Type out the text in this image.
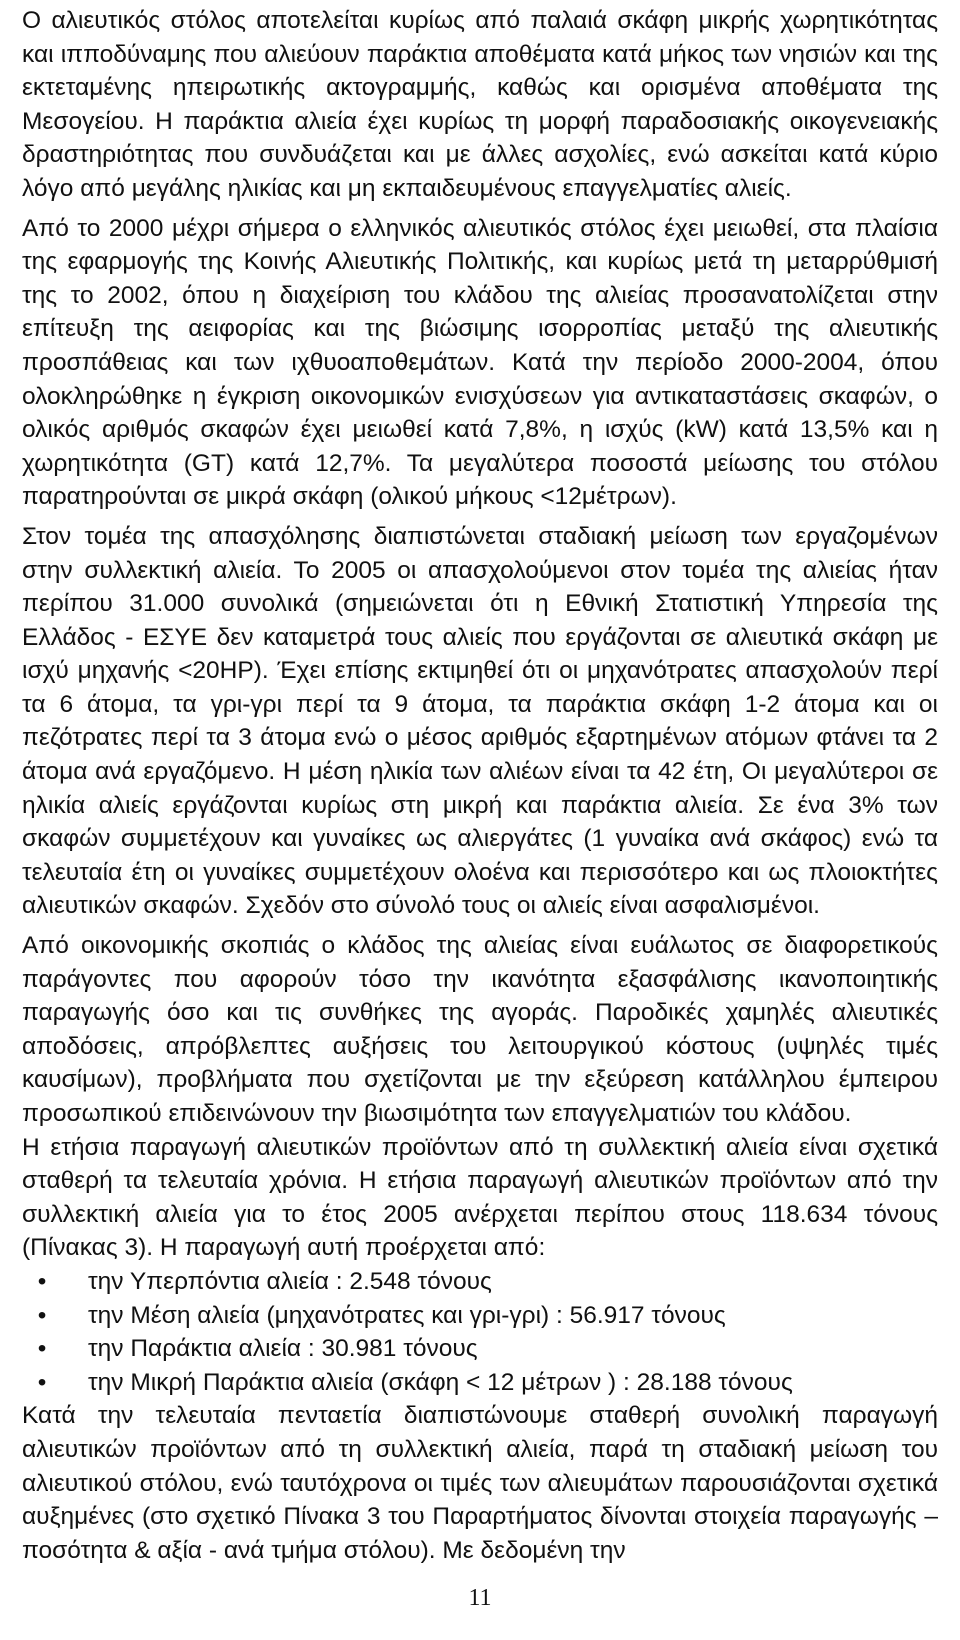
Ο αλιευτικός στόλος αποτελείται κυρίως από παλαιά σκάφη μικρής χωρητικότητας και ιπποδύναμης που αλιεύουν παράκτια αποθέματα κατά μήκος των νησιών και της εκτεταμένης ηπειρωτικής ακτογραμμής, καθώς και ορισμένα αποθέματα της Μεσογείου. Η παράκτια αλιεία έχει κυρίως τη μορφή παραδοσιακής οικογενειακής δραστηριότητας που συνδυάζεται και με άλλες ασχολίες, ενώ ασκείται κατά κύριο λόγο από μεγάλης ηλικίας και μη εκπαιδευμένους επαγγελματίες αλιείς.

Από το 2000 μέχρι σήμερα ο ελληνικός αλιευτικός στόλος έχει μειωθεί, στα πλαίσια της εφαρμογής της Κοινής Αλιευτικής Πολιτικής, και κυρίως μετά τη μεταρρύθμισή της το 2002, όπου η διαχείριση του κλάδου της αλιείας προσανατολίζεται στην επίτευξη της αειφορίας και της βιώσιμης ισορροπίας μεταξύ της αλιευτικής προσπάθειας και των ιχθυοαποθεμάτων. Κατά την περίοδο 2000-2004, όπου ολοκληρώθηκε η έγκριση οικονομικών ενισχύσεων για αντικαταστάσεις σκαφών, ο ολικός αριθμός σκαφών έχει μειωθεί κατά 7,8%, η ισχύς (kW) κατά 13,5% και η χωρητικότητα (GT) κατά 12,7%. Τα μεγαλύτερα ποσοστά μείωσης του στόλου παρατηρούνται σε μικρά σκάφη (ολικού μήκους <12μέτρων).

Στον τομέα της απασχόλησης διαπιστώνεται σταδιακή μείωση των εργαζομένων στην συλλεκτική αλιεία. Το 2005 οι απασχολούμενοι στον τομέα της αλιείας ήταν περίπου 31.000 συνολικά (σημειώνεται ότι η Εθνική Στατιστική Υπηρεσία της Ελλάδος - ΕΣΥΕ δεν καταμετρά τους αλιείς που εργάζονται σε αλιευτικά σκάφη με ισχύ μηχανής <20HP). Έχει επίσης εκτιμηθεί ότι οι μηχανότρατες απασχολούν περί τα 6 άτομα, τα γρι-γρι περί τα 9 άτομα, τα παράκτια σκάφη 1-2 άτομα και οι πεζότρατες περί τα 3 άτομα ενώ ο μέσος αριθμός εξαρτημένων ατόμων φτάνει τα 2 άτομα ανά εργαζόμενο. Η μέση ηλικία των αλιέων είναι τα 42 έτη, Οι μεγαλύτεροι σε ηλικία αλιείς εργάζονται κυρίως στη μικρή και παράκτια αλιεία. Σε ένα 3% των σκαφών συμμετέχουν και γυναίκες ως αλιεργάτες (1 γυναίκα ανά σκάφος) ενώ τα τελευταία έτη οι γυναίκες συμμετέχουν ολοένα και περισσότερο και ως πλοιοκτήτες αλιευτικών σκαφών. Σχεδόν στο σύνολό τους οι αλιείς είναι ασφαλισμένοι.

Από οικονομικής σκοπιάς ο κλάδος της αλιείας είναι ευάλωτος σε διαφορετικούς παράγοντες που αφορούν τόσο την ικανότητα εξασφάλισης ικανοποιητικής παραγωγής όσο και τις συνθήκες της αγοράς. Παροδικές χαμηλές αλιευτικές αποδόσεις, απρόβλεπτες αυξήσεις του λειτουργικού κόστους (υψηλές τιμές καυσίμων), προβλήματα που σχετίζονται με την εξεύρεση κατάλληλου έμπειρου προσωπικού επιδεινώνουν την βιωσιμότητα των επαγγελματιών του κλάδου.

Η ετήσια παραγωγή αλιευτικών προϊόντων από τη συλλεκτική αλιεία είναι σχετικά σταθερή τα τελευταία χρόνια. Η ετήσια παραγωγή αλιευτικών προϊόντων από την συλλεκτική αλιεία για το έτος 2005 ανέρχεται περίπου στους 118.634 τόνους (Πίνακας 3). Η παραγωγή αυτή προέρχεται από:

• την Υπερπόντια αλιεία : 2.548 τόνους
• την Μέση αλιεία (μηχανότρατες και γρι-γρι) : 56.917 τόνους
• την Παράκτια αλιεία : 30.981 τόνους
• την Μικρή Παράκτια αλιεία (σκάφη < 12 μέτρων ) : 28.188 τόνους

Κατά την τελευταία πενταετία διαπιστώνουμε σταθερή συνολική παραγωγή αλιευτικών προϊόντων από τη συλλεκτική αλιεία, παρά τη σταδιακή μείωση του αλιευτικού στόλου, ενώ ταυτόχρονα οι τιμές των αλιευμάτων παρουσιάζονται σχετικά αυξημένες (στο σχετικό Πίνακα 3 του Παραρτήματος δίνονται στοιχεία παραγωγής –ποσότητα & αξία - ανά τμήμα στόλου). Με δεδομένη την

11
